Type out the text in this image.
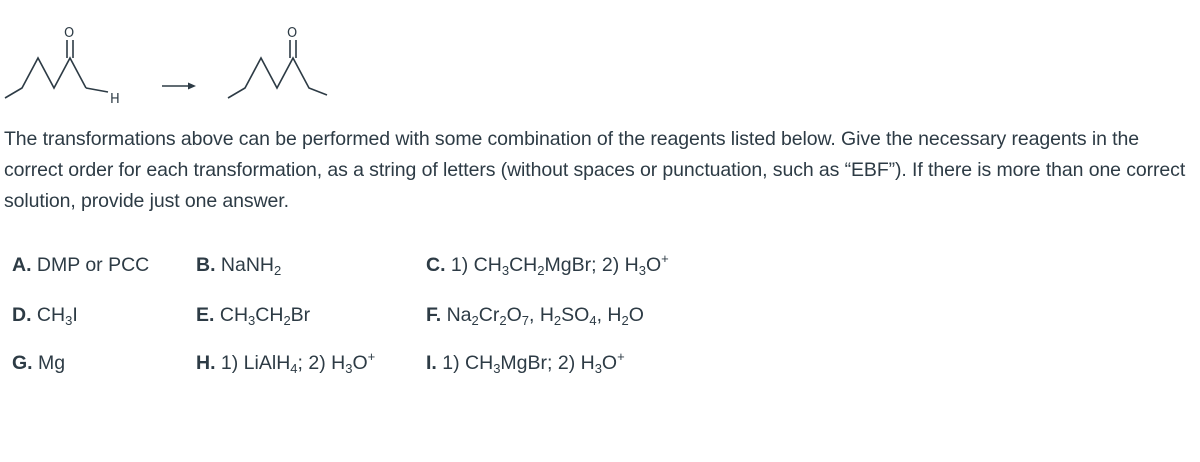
O
H
O

The transformations above can be performed with some combination of the reagents listed below. Give the necessary reagents in the correct order for each transformation, as a string of letters (without spaces or punctuation, such as “EBF”). If there is more than one correct solution, provide just one answer.

A. DMP or PCC B. NaNH$_2$	C. 1) $CH_3CH_2MgBr$; 2) $H_3O^+$
D. $CH_3I$	E. $CH_3CH_2Br$	F. $Na_2Cr_2O_7$, $H_2SO_4$, $H_2O$
G. Mg	H. 1) LiAlH$_4$; 2) $H_3O^+$	I. 1) $CH_3MgBr$; 2) $H_3O^+$
